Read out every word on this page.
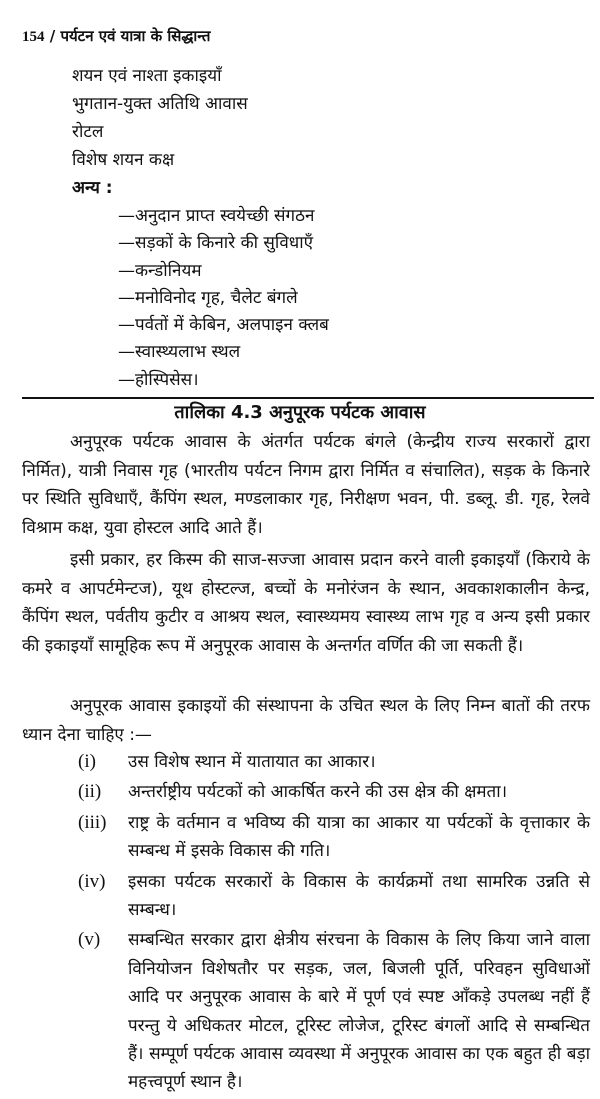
154 / पर्यटन एवं यात्रा के सिद्धान्त
शयन एवं नाश्ता इकाइयाँ
भुगतान-युक्त अतिथि आवास
रोटल
विशेष शयन कक्ष
अन्य :
—अनुदान प्राप्त स्वयेच्छी संगठन
—सड़कों के किनारे की सुविधाएँ
—कन्डोनियम
—मनोविनोद गृह, चैलेट बंगले
—पर्वतों में केबिन, अलपाइन क्लब
—स्वास्थ्यलाभ स्थल
—होस्पिसेस।
तालिका 4.3 अनुपूरक पर्यटक आवास

अनुपूरक पर्यटक आवास के अंतर्गत पर्यटक बंगले (केन्द्रीय राज्य सरकारों द्वारा निर्मित), यात्री निवास गृह (भारतीय पर्यटन निगम द्वारा निर्मित व संचालित), सड़क के किनारे पर स्थिति सुविधाएँ, कैंपिंग स्थल, मण्डलाकार गृह, निरीक्षण भवन, पी. डब्लू. डी. गृह, रेलवे विश्राम कक्ष, युवा होस्टल आदि आते हैं।

इसी प्रकार, हर किस्म की साज-सज्जा आवास प्रदान करने वाली इकाइयाँ (किराये के कमरे व आपर्टमेन्टज), यूथ होस्टल्ज, बच्चों के मनोरंजन के स्थान, अवकाशकालीन केन्द्र, कैंपिंग स्थल, पर्वतीय कुटीर व आश्रय स्थल, स्वास्थ्यमय स्वास्थ्य लाभ गृह व अन्य इसी प्रकार की इकाइयाँ सामूहिक रूप में अनुपूरक आवास के अन्तर्गत वर्णित की जा सकती हैं।

अनुपूरक आवास इकाइयों की संस्थापना के उचित स्थल के लिए निम्न बातों की तरफ ध्यान देना चाहिए :—

(i)	उस विशेष स्थान में यातायात का आकार।
(ii)	अन्तर्राष्ट्रीय पर्यटकों को आकर्षित करने की उस क्षेत्र की क्षमता।
(iii)	राष्ट्र के वर्तमान व भविष्य की यात्रा का आकार या पर्यटकों के वृत्ताकार के सम्बन्ध में इसके विकास की गति।
(iv)	इसका पर्यटक सरकारों के विकास के कार्यक्रमों तथा सामरिक उन्नति से सम्बन्ध।
(v)	सम्बन्धित सरकार द्वारा क्षेत्रीय संरचना के विकास के लिए किया जाने वाला विनियोजन विशेषतौर पर सड़क, जल, बिजली पूर्ति, परिवहन सुविधाओं आदि पर अनुपूरक आवास के बारे में पूर्ण एवं स्पष्ट आँकड़े उपलब्ध नहीं हैं परन्तु ये अधिकतर मोटल, टूरिस्ट लोजेज, टूरिस्ट बंगलों आदि से सम्बन्धित हैं। सम्पूर्ण पर्यटक आवास व्यवस्था में अनुपूरक आवास का एक बहुत ही बड़ा महत्त्वपूर्ण स्थान है।
